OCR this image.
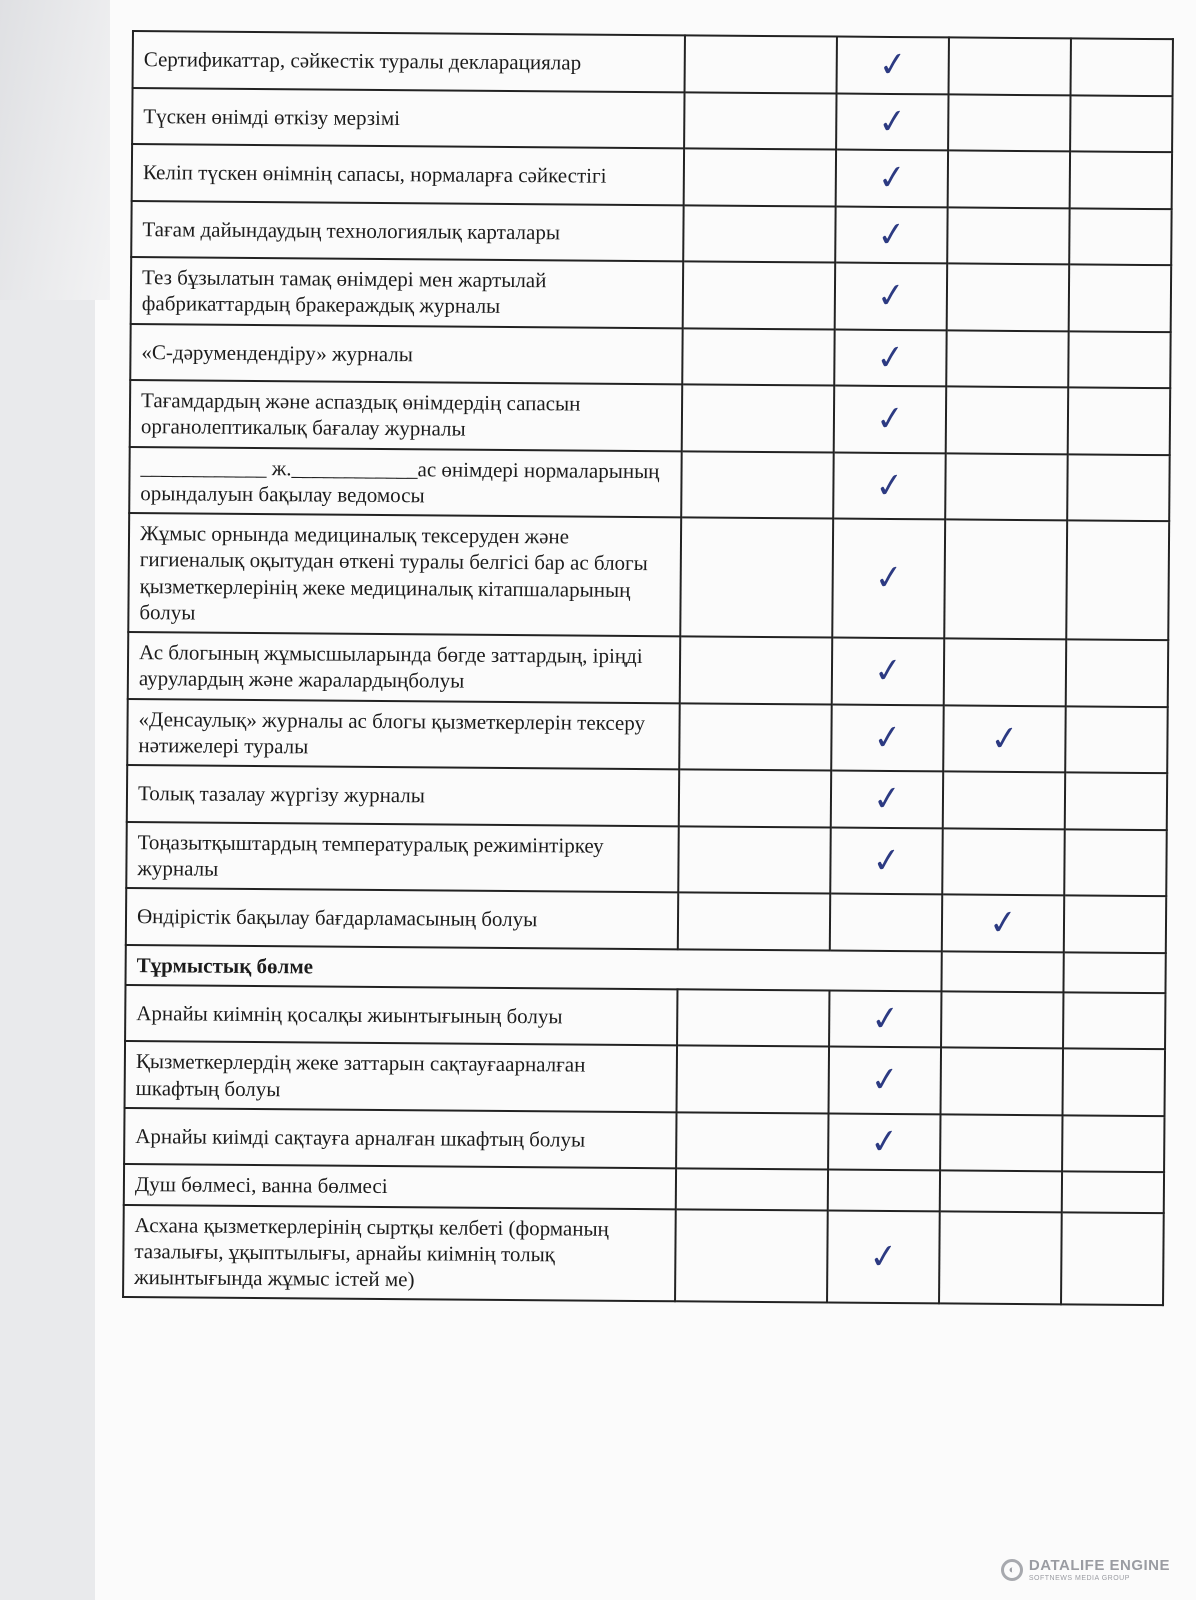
Сертификаттар, сәйкестік туралы декларациялар		✓		
Түскен өнімді өткізу мерзімі		✓		
Келіп түскен өнімнің сапасы, нормаларға сәйкестігі		✓		
Тағам дайындаудың технологиялық карталары		✓		
Тез бұзылатын тамақ өнімдері мен жартылай фабрикаттардың бракераждық журналы		✓		
«С-дәрумендендіру» журналы		✓		
Тағамдардың және аспаздық өнімдердің сапасын органолептикалық бағалау журналы		✓		
____________ ж.____________ас өнімдері нормаларының орындалуын бақылау ведомосы		✓		
Жұмыс орнында медициналық тексеруден және гигиеналық оқытудан өткені туралы белгісі бар ас блогы қызметкерлерінің жеке медициналық кітапшаларының болуы		✓		
Ас блогының жұмысшыларында бөгде заттардың, іріңді аурулардың және жаралардыңболуы		✓		
«Денсаулық» журналы ас блогы қызметкерлерін тексеру нәтижелері туралы		✓	✓	
Толық тазалау жүргізу журналы		✓		
Тоңазытқыштардың температуралық режимінтіркеу журналы		✓		
Өндірістік бақылау бағдарламасының болуы			✓	
Тұрмыстық бөлме				
Арнайы киімнің қосалқы жиынтығының болуы		✓		
Қызметкерлердің жеке заттарын сақтауғаарналған шкафтың болуы		✓		
Арнайы киімді сақтауға арналған шкафтың болуы		✓		
Душ бөлмесі, ванна бөлмесі				
Асхана қызметкерлерінің сыртқы келбеті (форманың тазалығы, ұқыптылығы, арнайы киімнің толық жиынтығында жұмыс істей ме)		✓		
◐ DATALIFE ENGINE
SOFTNEWS MEDIA GROUP
